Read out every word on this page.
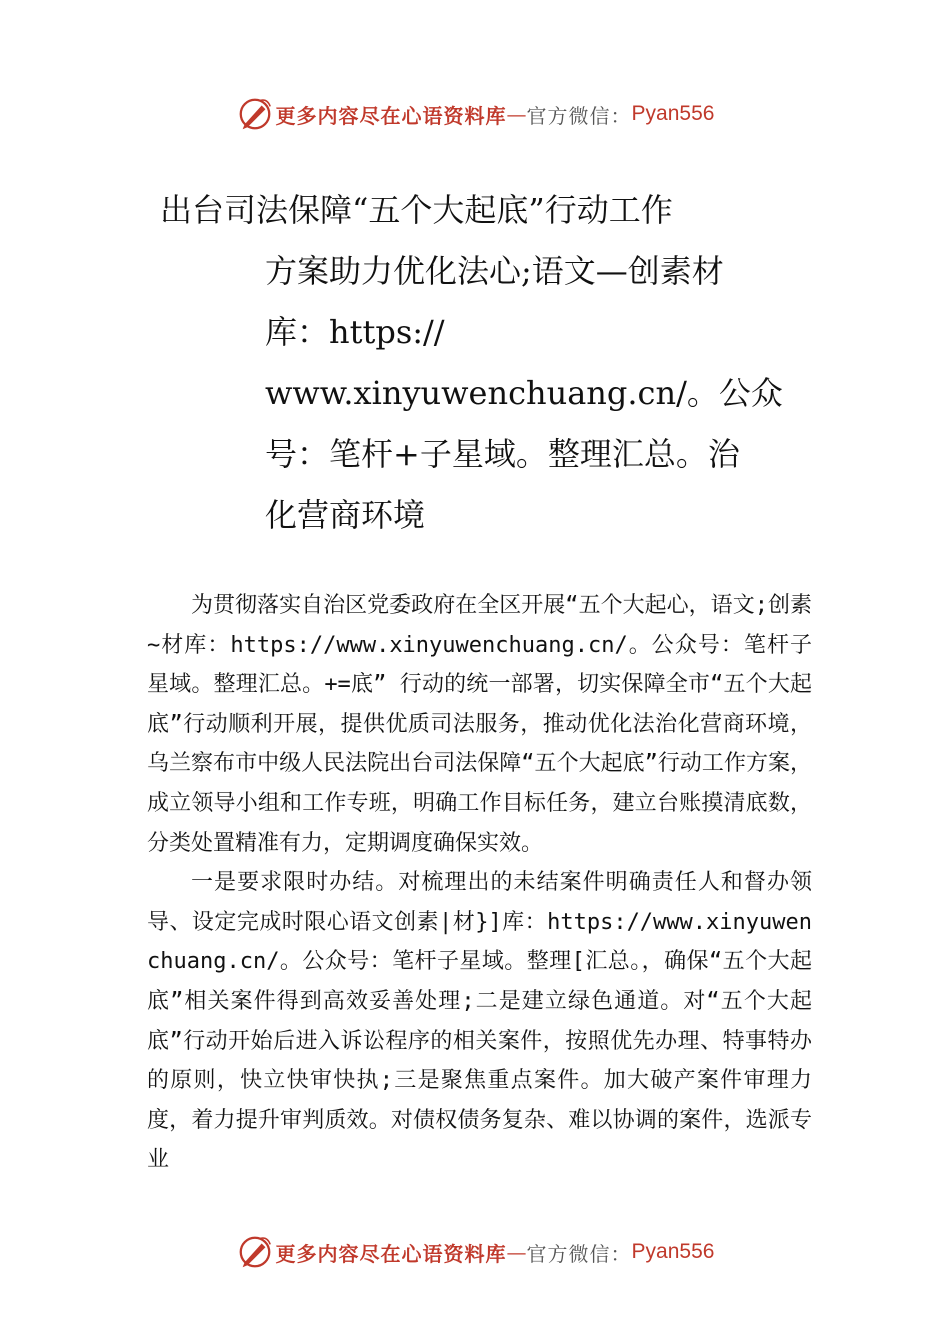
更多内容尽在心语资料库 — 官方微信： Pyan556
出台司法保障“五个大起底”行动工作
方案助力优化法心;语文—创素材
库：https://
www.xinyuwenchuang.cn/。公众
号：笔杆+子星域。整理汇总。治
化营商环境

为贯彻落实自治区党委政府在全区开展“五个大起心，语文;创素~材库：https://www.xinyuwenchuang.cn/。公众号：笔杆子星域。整理汇总。+=底” 行动的统一部署，切实保障全市“五个大起底”行动顺利开展，提供优质司法服务，推动优化法治化营商环境，乌兰察布市中级人民法院出台司法保障“五个大起底”行动工作方案，成立领导小组和工作专班，明确工作目标任务，建立台账摸清底数，分类处置精准有力，定期调度确保实效。

一是要求限时办结。对梳理出的未结案件明确责任人和督办领导、设定完成时限心语文创素|材}]库：https://www.xinyuwenchuang.cn/。公众号：笔杆子星域。整理[汇总。，确保“五个大起底”相关案件得到高效妥善处理;二是建立绿色通道。对“五个大起底”行动开始后进入诉讼程序的相关案件，按照优先办理、特事特办的原则，快立快审快执;三是聚焦重点案件。加大破产案件审理力度，着力提升审判质效。对债权债务复杂、难以协调的案件，选派专业

更多内容尽在心语资料库 — 官方微信： Pyan556
